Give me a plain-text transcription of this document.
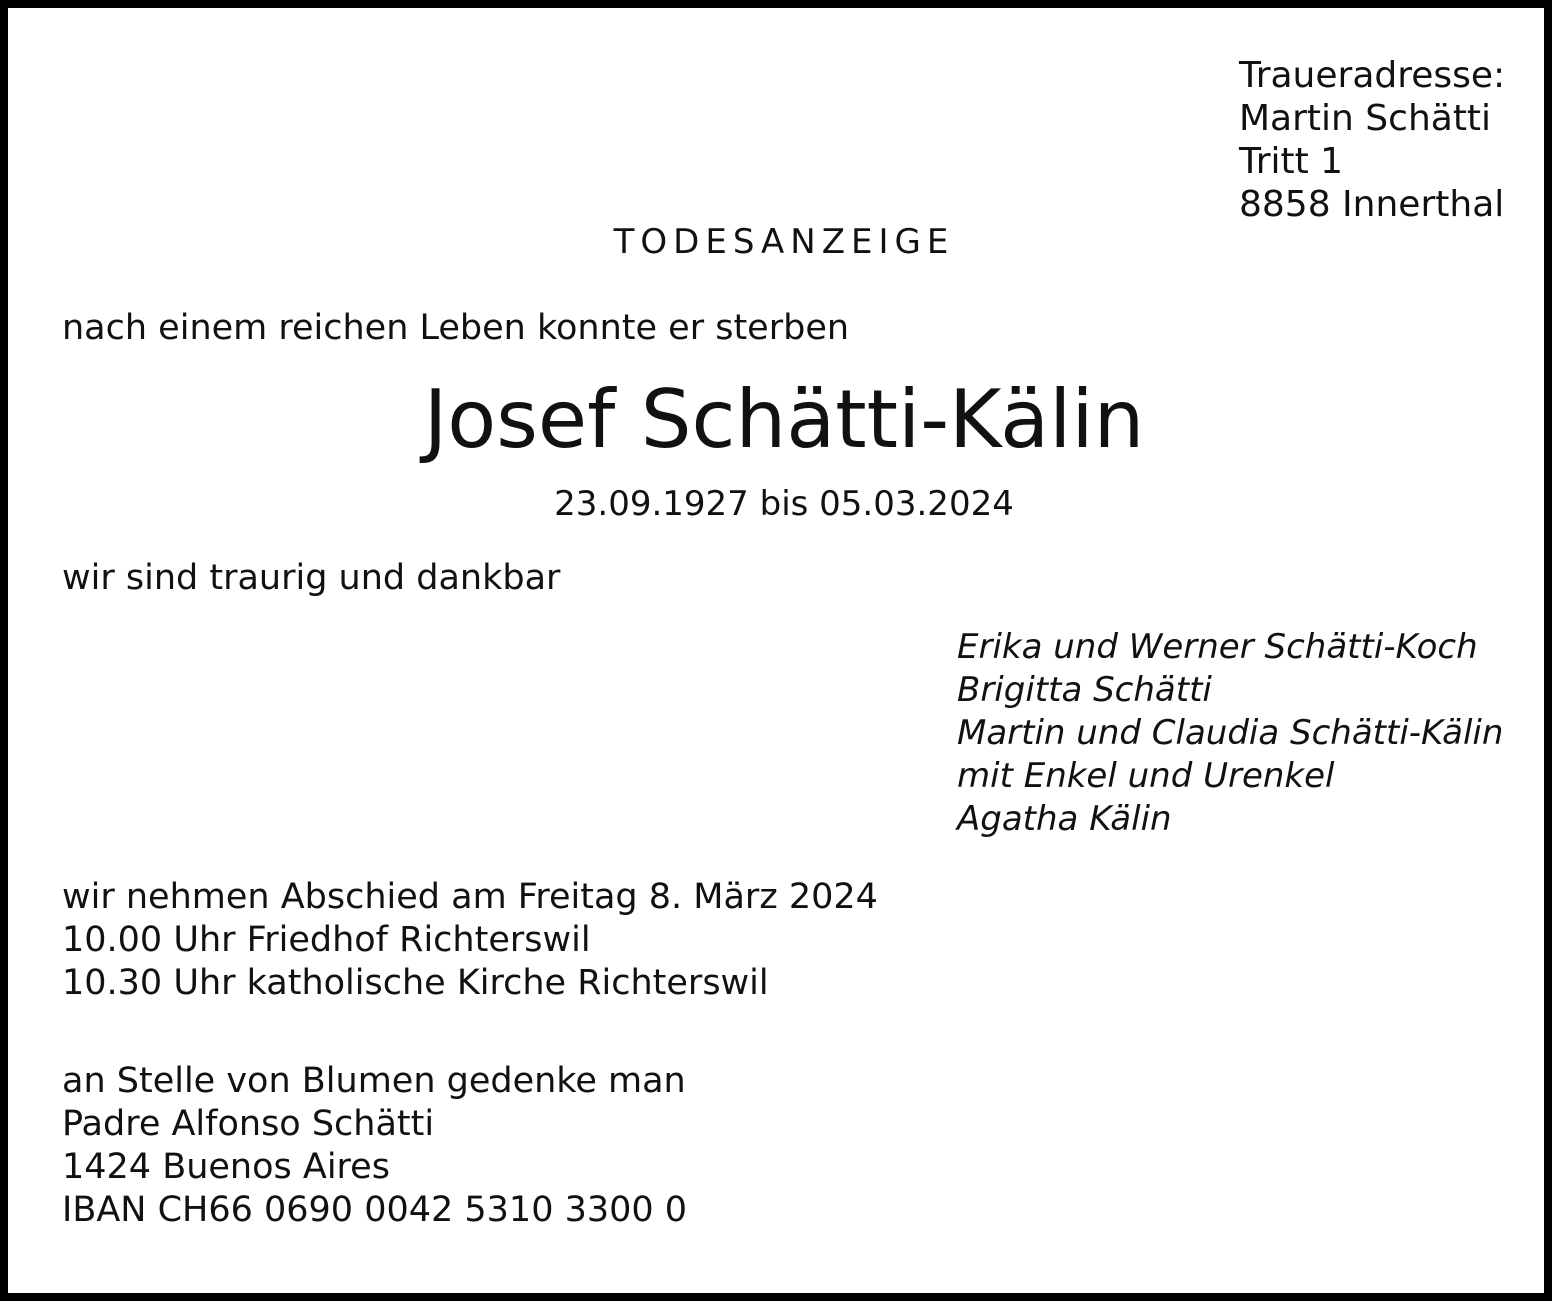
Traueradresse:
Martin Schätti
Tritt 1
8858 Innerthal
TODESANZEIGE
nach einem reichen Leben konnte er sterben
Josef Schätti-Kälin
23.09.1927 bis 05.03.2024
wir sind traurig und dankbar
Erika und Werner Schätti-Koch
Brigitta Schätti
Martin und Claudia Schätti-Kälin
mit Enkel und Urenkel
Agatha Kälin
wir nehmen Abschied am Freitag 8. März 2024
10.00 Uhr Friedhof Richterswil
10.30 Uhr katholische Kirche Richterswil
an Stelle von Blumen gedenke man
Padre Alfonso Schätti
1424 Buenos Aires
IBAN CH66 0690 0042 5310 3300 0
